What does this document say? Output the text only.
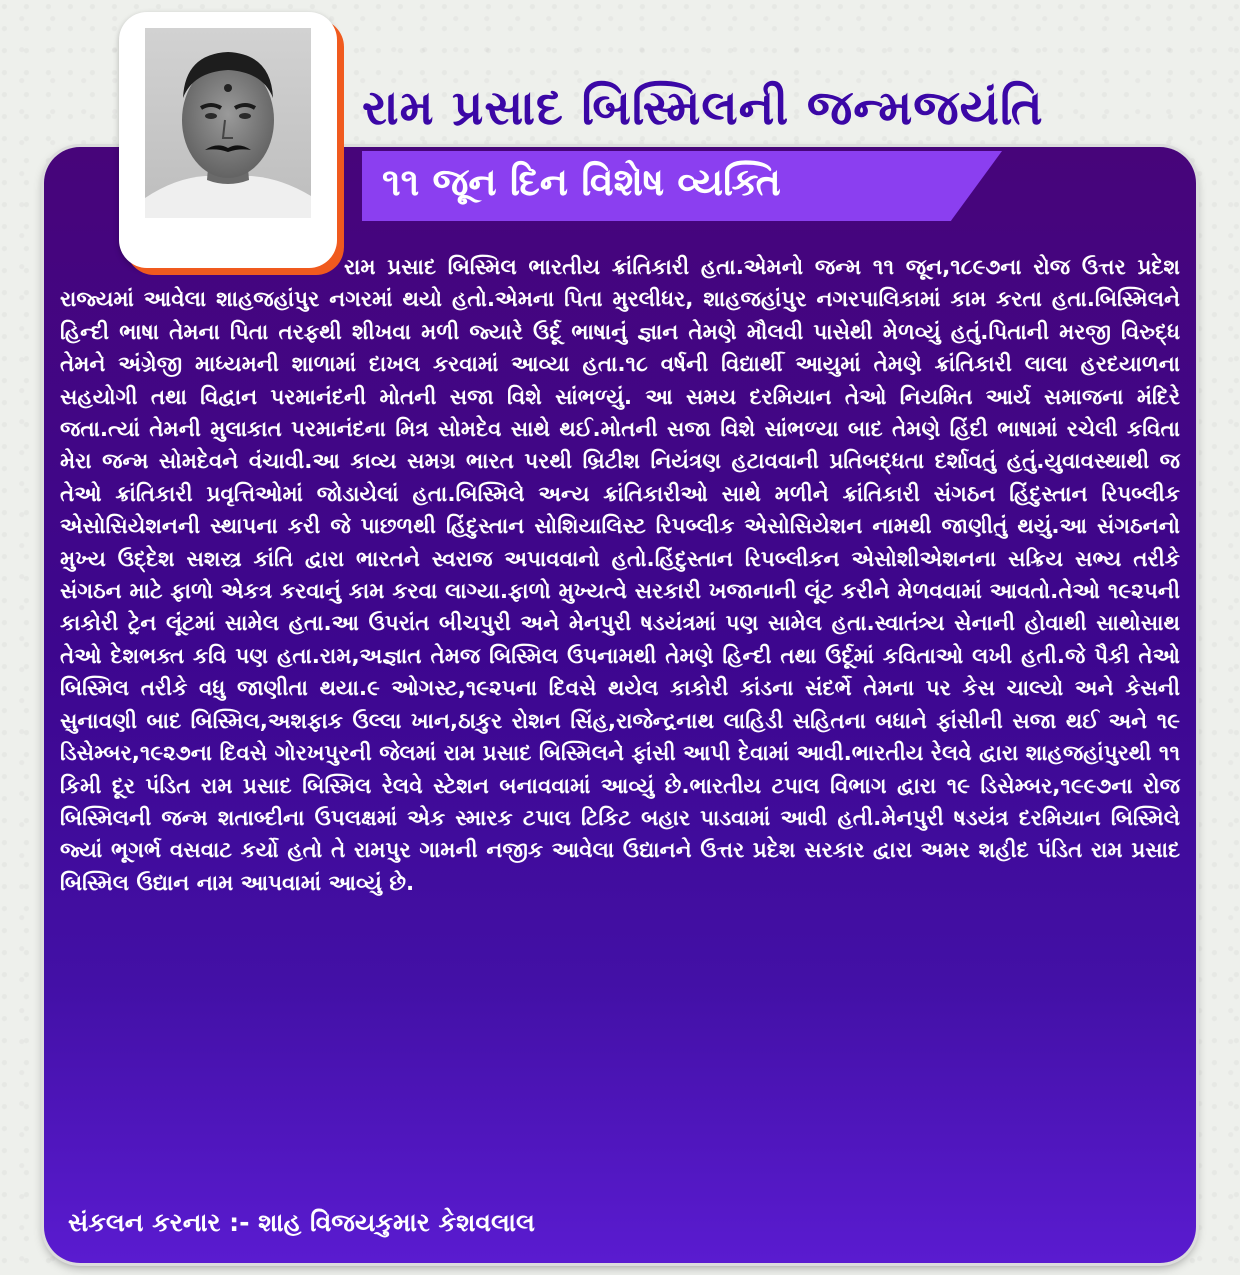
રામ પ્રસાદ બિસ્મિલની જન્મજયંતિ
૧૧ જૂન દિન વિશેષ વ્યક્તિ

રામ પ્રસાદ બિસ્મિલ ભારતીય ક્રાંતિકારી હતા.એમનો જન્મ ૧૧ જૂન,૧૮૯૭ના રોજ ઉત્તર પ્રદેશ રાજ્યમાં આવેલા શાહજહાંપુર નગરમાં થયો હતો.એમના પિતા મુરલીધર, શાહજહાંપુર નગરપાલિકામાં કામ કરતા હતા.બિસ્મિલને હિન્દી ભાષા તેમના પિતા તરફથી શીખવા મળી જ્યારે ઉર્દૂ ભાષાનું જ્ઞાન તેમણે મૌલવી પાસેથી મેળવ્યું હતું.પિતાની મરજી વિરુદ્ધ તેમને અંગ્રેજી માધ્યમની શાળામાં દાખલ કરવામાં આવ્યા હતા.૧૮ વર્ષની વિદ્યાર્થી આયુમાં તેમણે ક્રાંતિકારી લાલા હરદયાળના સહયોગી તથા વિદ્વાન પરમાનંદની મોતની સજા વિશે સાંભળ્યું. આ સમય દરમિયાન તેઓ નિયમિત આર્ય સમાજના મંદિરે જતા.ત્યાં તેમની મુલાકાત પરમાનંદના મિત્ર સોમદેવ સાથે થઈ.મોતની સજા વિશે સાંભળ્યા બાદ તેમણે હિંદી ભાષામાં રચેલી કવિતા મેરા જન્મ સોમદેવને વંચાવી.આ કાવ્ય સમગ્ર ભારત પરથી બ્રિટીશ નિયંત્રણ હટાવવાની પ્રતિબદ્ધતા દર્શાવતું હતું.યુવાવસ્થાથી જ તેઓ ક્રાંતિકારી પ્રવૃત્તિઓમાં જોડાયેલાં હતા.બિસ્મિલે અન્ય ક્રાંતિકારીઓ સાથે મળીને ક્રાંતિકારી સંગઠન હિંદુસ્તાન રિપબ્લીક એસોસિયેશનની સ્થાપના કરી જે પાછળથી હિંદુસ્તાન સોશિયાલિસ્ટ રિપબ્લીક એસોસિયેશન નામથી જાણીતું થયું.આ સંગઠનનો મુખ્ય ઉદ્દેશ સશસ્ત્ર કાંતિ દ્વારા ભારતને સ્વરાજ અપાવવાનો હતો.હિંદુસ્તાન રિપબ્લીકન એસોશીએશનના સક્રિય સભ્ય તરીકે સંગઠન માટે ફાળો એકત્ર કરવાનું કામ કરવા લાગ્યા.ફાળો મુખ્યત્વે સરકારી ખજાનાની લૂંટ કરીને મેળવવામાં આવતો.તેઓ ૧૯૨૫ની કાકોરી ટ્રેન લૂંટમાં સામેલ હતા.આ ઉપરાંત બીચપુરી અને મેનપુરી ષડયંત્રમાં પણ સામેલ હતા.સ્વાતંત્ર્ય સેનાની હોવાથી સાથોસાથ તેઓ દેશભક્ત કવિ પણ હતા.રામ,અજ્ઞાત તેમજ બિસ્મિલ ઉપનામથી તેમણે હિન્દી તથા ઉર્દૂમાં કવિતાઓ લખી હતી.જે પૈકી તેઓ બિસ્મિલ તરીકે વધુ જાણીતા થયા.૯ ઓગસ્ટ,૧૯૨૫ના દિવસે થયેલ કાકોરી કાંડના સંદર્ભે તેમના પર કેસ ચાલ્યો અને કેસની સુનાવણી બાદ બિસ્મિલ,અશફાક ઉલ્લા ખાન,ઠાકુર રોશન સિંહ,રાજેન્દ્રનાથ લાહિડી સહિતના બધાને ફાંસીની સજા થઈ અને ૧૯ ડિસેમ્બર,૧૯૨૭ના દિવસે ગોરખપુરની જેલમાં રામ પ્રસાદ બિસ્મિલને ફાંસી આપી દેવામાં આવી.ભારતીય રેલવે દ્વારા શાહજહાંપુરથી ૧૧ કિમી દૂર પંડિત રામ પ્રસાદ બિસ્મિલ રેલવે સ્ટેશન બનાવવામાં આવ્યું છે.ભારતીય ટપાલ વિભાગ દ્વારા ૧૯ ડિસેમ્બર,૧૯૯૭ના રોજ બિસ્મિલની જન્મ શતાબ્દીના ઉપલક્ષમાં એક સ્મારક ટપાલ ટિકિટ બહાર પાડવામાં આવી હતી.મેનપુરી ષડયંત્ર દરમિયાન બિસ્મિલે જ્યાં ભૂગર્ભ વસવાટ કર્યો હતો તે રામપુર ગામની નજીક આવેલા ઉદ્યાનને ઉત્તર પ્રદેશ સરકાર દ્વારા અમર શહીદ પંડિત રામ પ્રસાદ બિસ્મિલ ઉદ્યાન નામ આપવામાં આવ્યું છે.

સંકલન કરનાર :- શાહ વિજયકુમાર કેશવલાલ
